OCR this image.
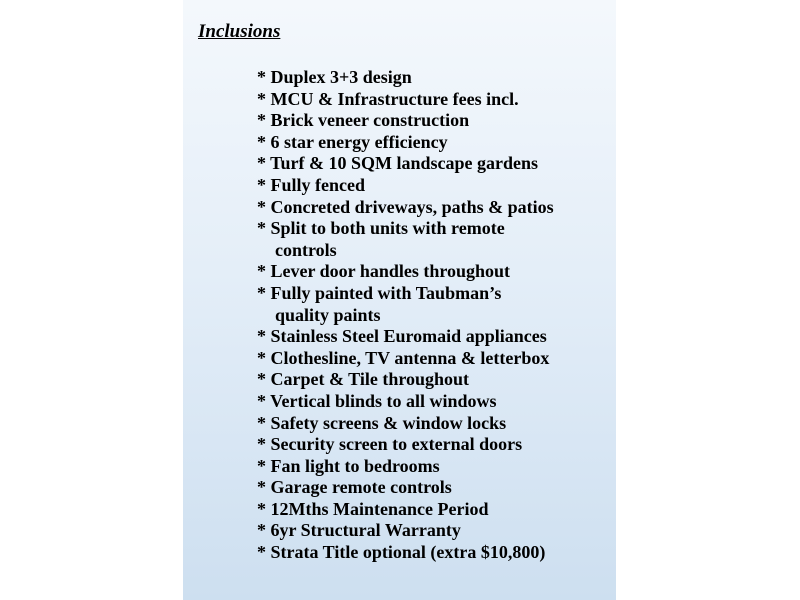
Inclusions
* Duplex 3+3 design
* MCU & Infrastructure fees incl.
* Brick veneer construction
* 6 star energy efficiency
* Turf & 10 SQM landscape gardens
* Fully fenced
* Concreted driveways, paths & patios
* Split to both units with remote
controls
* Lever door handles throughout
* Fully painted with Taubman’s
quality paints
* Stainless Steel Euromaid appliances
* Clothesline, TV antenna & letterbox
* Carpet & Tile throughout
* Vertical blinds to all windows
* Safety screens & window locks
* Security screen to external doors
* Fan light to bedrooms
* Garage remote controls
* 12Mths Maintenance Period
* 6yr Structural Warranty
* Strata Title optional (extra $10,800)
